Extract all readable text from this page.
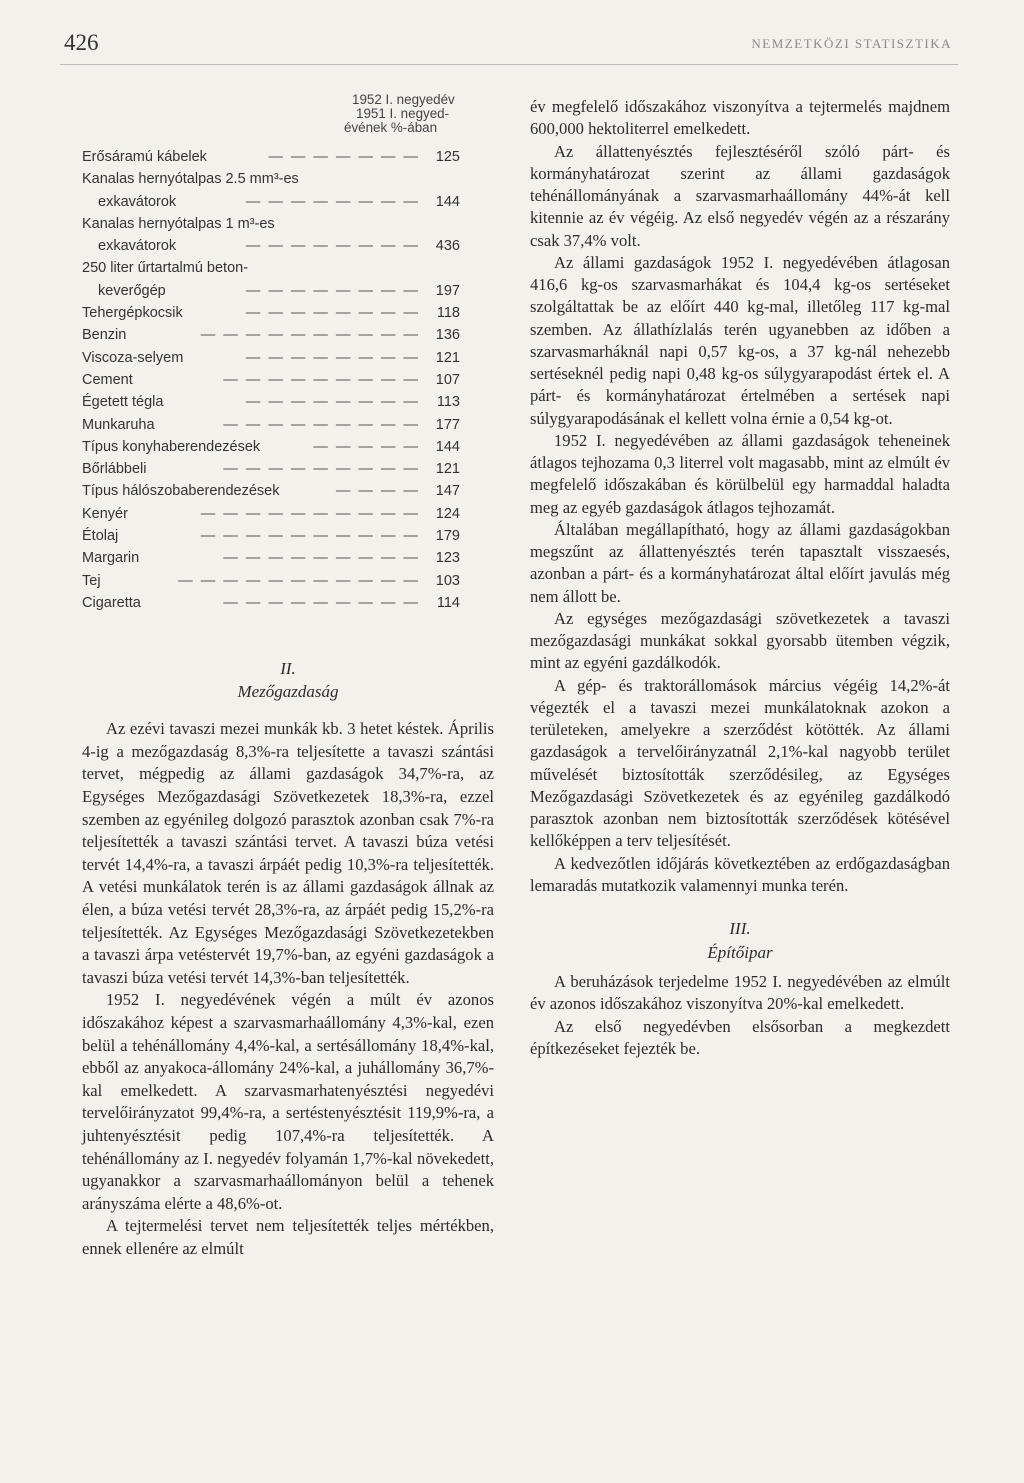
426	NEMZETKÖZI STATISZTIKA
1952 I. negyedév
1951 I. negyed-
évének %-ában
Erősáramú kábelek	— — — — — — —	125
Kanalas hernyótalpas 2.5 mm³-es
exkavátorok	— — — — — — — —	144
Kanalas hernyótalpas 1 m³-es
exkavátorok	— — — — — — — —	436
250 liter űrtartalmú beton-
keverőgép	— — — — — — — —	197
Tehergépkocsik	— — — — — — — —	118
Benzin	— — — — — — — — — —	136
Viscoza-selyem	— — — — — — — —	121
Cement	— — — — — — — — —	107
Égetett tégla	— — — — — — — —	113
Munkaruha	— — — — — — — — —	177
Típus konyhaberendezések	— — — — —	144
Bőrlábbeli	— — — — — — — — —	121
Típus hálószobaberendezések	— — — —	147
Kenyér	— — — — — — — — — —	124
Étolaj	— — — — — — — — — —	179
Margarin	— — — — — — — — —	123
Tej	— — — — — — — — — — —	103
Cigaretta	— — — — — — — — —	114
II.
Mezőgazdaság

Az ezévi tavaszi mezei munkák kb. 3 hetet késtek. Április 4-ig a mezőgazdaság 8,3%-ra teljesítette a tavaszi szántási tervet, mégpedig az állami gazdaságok 34,7%-ra, az Egységes Mezőgazdasági Szövetkezetek 18,3%-ra, ezzel szemben az egyénileg dolgozó parasztok azonban csak 7%-ra teljesítették a tavaszi szántási tervet. A tavaszi búza vetési tervét 14,4%-ra, a tavaszi árpáét pedig 10,3%-ra teljesítették. A vetési munkálatok terén is az állami gazdaságok állnak az élen, a búza vetési tervét 28,3%-ra, az árpáét pedig 15,2%-ra teljesítették. Az Egységes Mezőgazdasági Szövetkezetekben a tavaszi árpa vetéstervét 19,7%-ban, az egyéni gazdaságok a tavaszi búza vetési tervét 14,3%-ban teljesítették.

1952 I. negyedévének végén a múlt év azonos időszakához képest a szarvasmarhaállomány 4,3%-kal, ezen belül a tehénállomány 4,4%-kal, a sertésállomány 18,4%-kal, ebből az anyakoca-állomány 24%-kal, a juhállomány 36,7%-kal emelkedett. A szarvasmarhatenyésztési negyedévi tervelőirányzatot 99,4%-ra, a sertéstenyésztésit 119,9%-ra, a juhtenyésztésit pedig 107,4%-ra teljesítették. A tehénállomány az I. negyedév folyamán 1,7%-kal növekedett, ugyanakkor a szarvasmarhaállományon belül a tehenek arányszáma elérte a 48,6%-ot.

A tejtermelési tervet nem teljesítették teljes mértékben, ennek ellenére az elmúlt

év megfelelő időszakához viszonyítva a tejtermelés majdnem 600,000 hektoliterrel emelkedett.

Az állattenyésztés fejlesztéséről szóló párt- és kormányhatározat szerint az állami gazdaságok tehénállományának a szarvasmarhaállomány 44%-át kell kitennie az év végéig. Az első negyedév végén az a részarány csak 37,4% volt.

Az állami gazdaságok 1952 I. negyedévében átlagosan 416,6 kg-os szarvasmarhákat és 104,4 kg-os sertéseket szolgáltattak be az előírt 440 kg-mal, illetőleg 117 kg-mal szemben. Az állathízlalás terén ugyanebben az időben a szarvasmarháknál napi 0,57 kg-os, a 37 kg-nál nehezebb sertéseknél pedig napi 0,48 kg-os súlygyarapodást értek el. A párt- és kormányhatározat értelmében a sertések napi súlygyarapodásának el kellett volna érnie a 0,54 kg-ot.

1952 I. negyedévében az állami gazdaságok teheneinek átlagos tejhozama 0,3 literrel volt magasabb, mint az elmúlt év megfelelő időszakában és körülbelül egy harmaddal haladta meg az egyéb gazdaságok átlagos tejhozamát.

Általában megállapítható, hogy az állami gazdaságokban megszűnt az állattenyésztés terén tapasztalt visszaesés, azonban a párt- és a kormányhatározat által előírt javulás még nem állott be.

Az egységes mezőgazdasági szövetkezetek a tavaszi mezőgazdasági munkákat sokkal gyorsabb ütemben végzik, mint az egyéni gazdálkodók.

A gép- és traktorállomások március végéig 14,2%-át végezték el a tavaszi mezei munkálatoknak azokon a területeken, amelyekre a szerződést kötötték. Az állami gazdaságok a tervelőirányzatnál 2,1%-kal nagyobb terület művelését biztosították szerződésileg, az Egységes Mezőgazdasági Szövetkezetek és az egyénileg gazdálkodó parasztok azonban nem biztosították szerződések kötésével kellőképpen a terv teljesítését.

A kedvezőtlen időjárás következtében az erdőgazdaságban lemaradás mutatkozik valamennyi munka terén.

III.
Építőipar

A beruházások terjedelme 1952 I. negyedévében az elmúlt év azonos időszakához viszonyítva 20%-kal emelkedett.

Az első negyedévben elsősorban a megkezdett építkezéseket fejezték be.
